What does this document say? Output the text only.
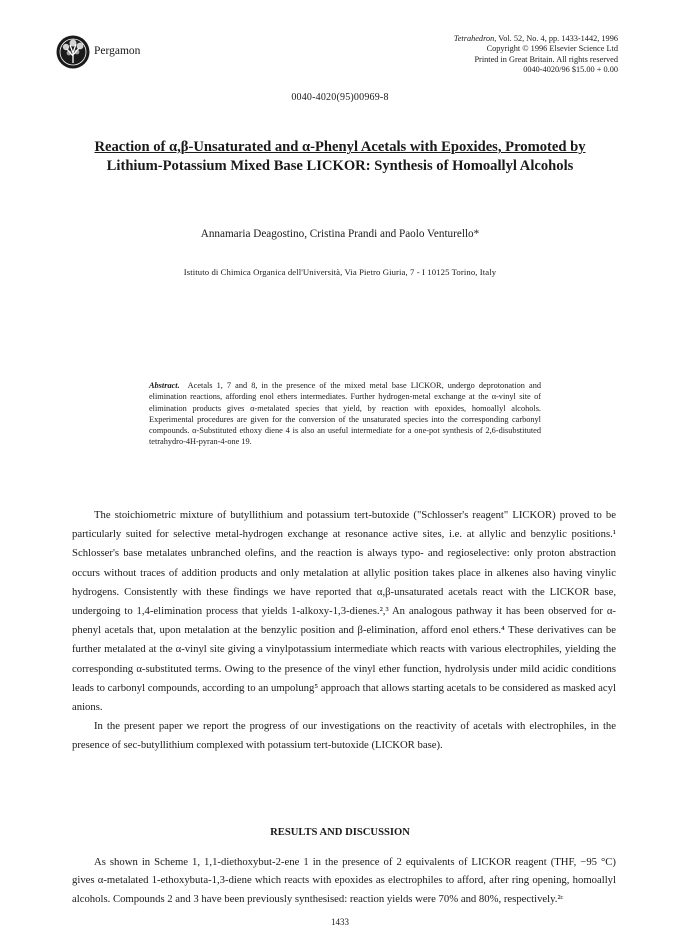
Pergamon
Tetrahedron, Vol. 52, No. 4, pp. 1433-1442, 1996
Copyright © 1996 Elsevier Science Ltd
Printed in Great Britain. All rights reserved
0040-4020/96 $15.00 + 0.00
0040-4020(95)00969-8
Reaction of α,β-Unsaturated and α-Phenyl Acetals with Epoxides, Promoted by
Lithium-Potassium Mixed Base LICKOR: Synthesis of Homoallyl Alcohols
Annamaria Deagostino, Cristina Prandi and Paolo Venturello*
Istituto di Chimica Organica dell'Università, Via Pietro Giuria, 7 - I 10125 Torino, Italy
Abstract. Acetals 1, 7 and 8, in the presence of the mixed metal base LICKOR, undergo deprotonation and elimination reactions, affording enol ethers intermediates. Further hydrogen-metal exchange at the α-vinyl site of elimination products gives α-metalated species that yield, by reaction with epoxides, homoallyl alcohols. Experimental procedures are given for the conversion of the unsaturated species into the corresponding carbonyl compounds. α-Substituted ethoxy diene 4 is also an useful intermediate for a one-pot synthesis of 2,6-disubstituted tetrahydro-4H-pyran-4-one 19.

The stoichiometric mixture of butyllithium and potassium tert-butoxide ("Schlosser's reagent" LICKOR) proved to be particularly suited for selective metal-hydrogen exchange at resonance active sites, i.e. at allylic and benzylic positions.¹ Schlosser's base metalates unbranched olefins, and the reaction is always typo- and regioselective: only proton abstraction occurs without traces of addition products and only metalation at allylic position takes place in alkenes also having vinylic hydrogens. Consistently with these findings we have reported that α,β-unsaturated acetals react with the LICKOR base, undergoing to 1,4-elimination process that yields 1-alkoxy-1,3-dienes.²,³ An analogous pathway it has been observed for α-phenyl acetals that, upon metalation at the benzylic position and β-elimination, afford enol ethers.⁴ These derivatives can be further metalated at the α-vinyl site giving a vinylpotassium intermediate which reacts with various electrophiles, yielding the corresponding α-substituted terms. Owing to the presence of the vinyl ether function, hydrolysis under mild acidic conditions leads to carbonyl compounds, according to an umpolung⁵ approach that allows starting acetals to be considered as masked acyl anions.

In the present paper we report the progress of our investigations on the reactivity of acetals with electrophiles, in the presence of sec-butyllithium complexed with potassium tert-butoxide (LICKOR base).

RESULTS AND DISCUSSION

As shown in Scheme 1, 1,1-diethoxybut-2-ene 1 in the presence of 2 equivalents of LICKOR reagent (THF, −95 °C) gives α-metalated 1-ethoxybuta-1,3-diene which reacts with epoxides as electrophiles to afford, after ring opening, homoallyl alcohols. Compounds 2 and 3 have been previously synthesised: reaction yields were 70% and 80%, respectively.²ᶜ

1433
